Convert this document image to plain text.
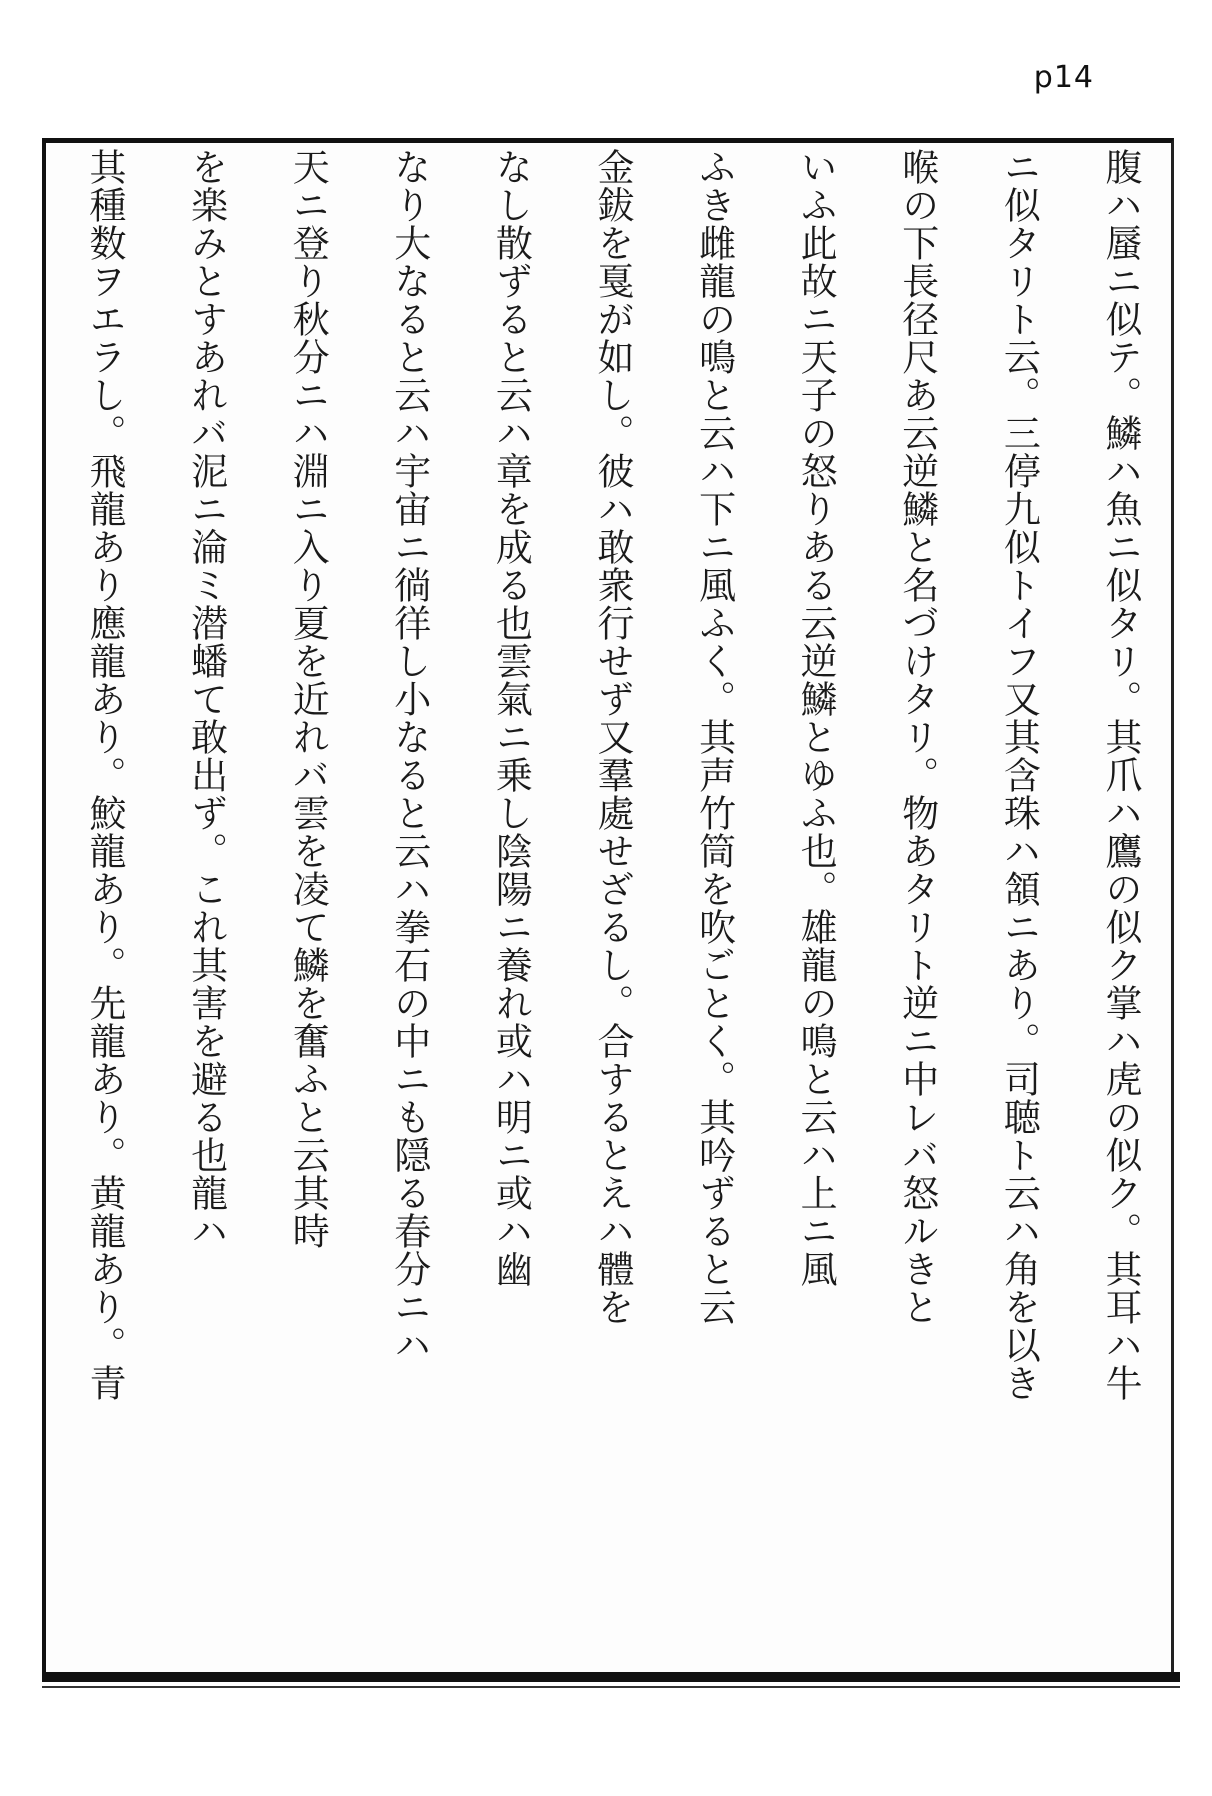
p14
腹ハ蜃ニ似テ。鱗ハ魚ニ似タリ。其爪ハ鷹の似ク掌ハ虎の似ク。其耳ハ牛
ニ似タリト云。三停九似トイフ又其含珠ハ頷ニあり。司聴ト云ハ角を以き
喉の下長径尺あ云逆鱗と名づけタリ。物あタリト逆ニ中レバ怒ルきと
いふ此故ニ天子の怒りある云逆鱗とゆふ也。雄龍の鳴と云ハ上ニ風
ふき雌龍の鳴と云ハ下ニ風ふく。其声竹筒を吹ごとく。其吟ずると云
金鈸を戛が如し。彼ハ敢衆行せず又羣處せざるし。合するとえハ體を
なし散ずると云ハ章を成る也雲氣ニ乗し陰陽ニ養れ或ハ明ニ或ハ幽
なり大なると云ハ宇宙ニ徜徉し小なると云ハ拳石の中ニも隠る春分ニハ
天ニ登り秋分ニハ淵ニ入り夏を近れバ雲を凌て鱗を奮ふと云其時
を楽みとすあれバ泥ニ淪ミ潜蟠て敢出ず。これ其害を避る也龍ハ
其種数ヲエラし。飛龍あり應龍あり。鮫龍あり。先龍あり。黄龍あり。青
